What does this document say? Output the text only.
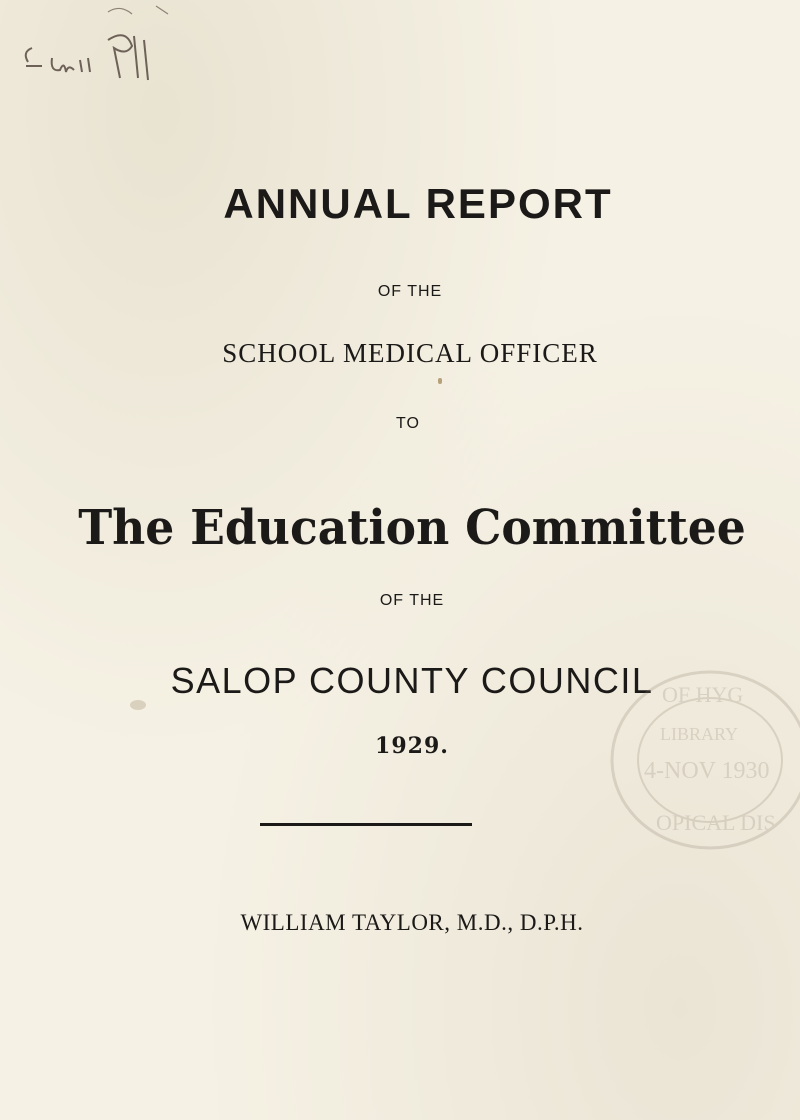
ANNUAL REPORT
OF THE
SCHOOL MEDICAL OFFICER
TO
The Education Committee
OF THE
SALOP COUNTY COUNCIL
1929.
OF HYG
LIBRARY
4-NOV 1930
OPICAL DIS
WILLIAM TAYLOR, M.D., D.P.H.
